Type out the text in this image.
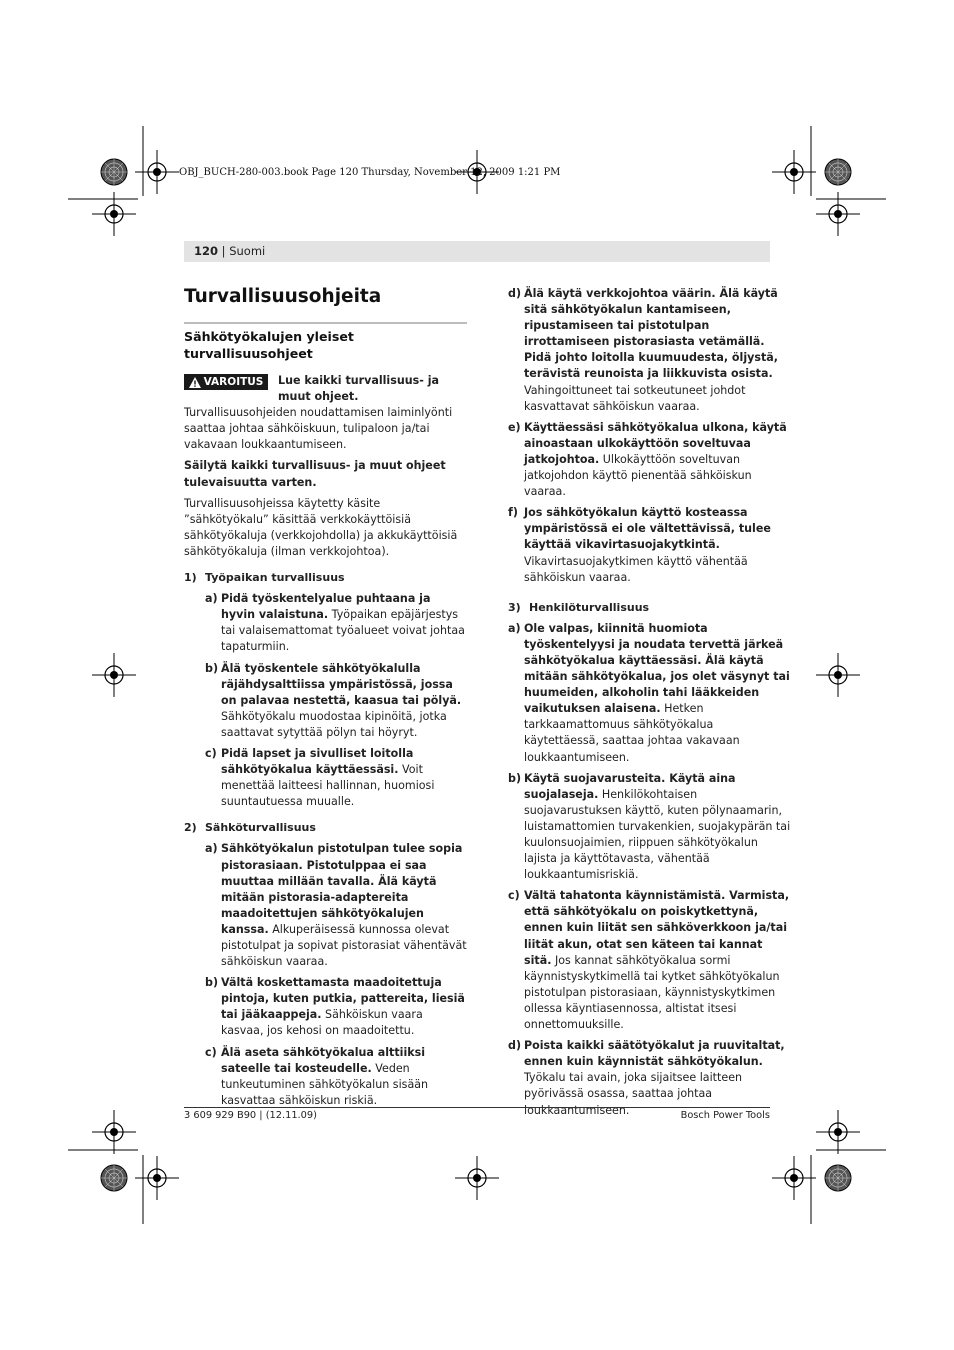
OBJ_BUCH-280-003.book Page 120 Thursday, November 12, 2009 1:21 PM
120 | Suomi
Turvallisuusohjeita
Sähkötyökalujen yleiset turvallisuusohjeet
VAROITUS	Lue kaikki turvallisuus- ja muut ohjeet. Turvallisuusohjeiden noudattamisen laiminlyönti saattaa johtaa sähköiskuun, tulipaloon ja/tai vakavaan loukkaantumiseen.

Säilytä kaikki turvallisuus- ja muut ohjeet tulevaisuutta varten.

Turvallisuusohjeissa käytetty käsite ”sähkötyökalu” käsittää verkkokäyttöisiä sähkötyökaluja (verkkojohdolla) ja akkukäyttöisiä sähkötyökaluja (ilman verkkojohtoa).

1) Työpaikan turvallisuus
a) Pidä työskentelyalue puhtaana ja hyvin valaistuna. Työpaikan epäjärjestys tai valaisemattomat työalueet voivat johtaa tapaturmiin.
b) Älä työskentele sähkötyökalulla räjähdysalttiissa ympäristössä, jossa on palavaa nestettä, kaasua tai pölyä. Sähkötyökalu muodostaa kipinöitä, jotka saattavat sytyttää pölyn tai höyryt.
c) Pidä lapset ja sivulliset loitolla sähkötyökalua käyttäessäsi. Voit menettää laitteesi hallinnan, huomiosi suuntautuessa muualle.
2) Sähköturvallisuus
a) Sähkötyökalun pistotulpan tulee sopia pistorasiaan. Pistotulppaa ei saa muuttaa millään tavalla. Älä käytä mitään pistorasia-adaptereita maadoitettujen sähkötyökalujen kanssa. Alkuperäisessä kunnossa olevat pistotulpat ja sopivat pistorasiat vähentävät sähköiskun vaaraa.
b) Vältä koskettamasta maadoitettuja pintoja, kuten putkia, pattereita, liesiä tai jääkaappeja. Sähköiskun vaara kasvaa, jos kehosi on maadoitettu.
c) Älä aseta sähkötyökalua alttiiksi sateelle tai kosteudelle. Veden tunkeutuminen sähkötyökalun sisään kasvattaa sähköiskun riskiä.
d) Älä käytä verkkojohtoa väärin. Älä käytä sitä sähkötyökalun kantamiseen, ripustamiseen tai pistotulpan irrottamiseen pistorasiasta vetämällä. Pidä johto loitolla kuumuudesta, öljystä, terävistä reunoista ja liikkuvista osista. Vahingoittuneet tai sotkeutuneet johdot kasvattavat sähköiskun vaaraa.
e) Käyttäessäsi sähkötyökalua ulkona, käytä ainoastaan ulkokäyttöön soveltuvaa jatkojohtoa. Ulkokäyttöön soveltuvan jatkojohdon käyttö pienentää sähköiskun vaaraa.
f) Jos sähkötyökalun käyttö kosteassa ympäristössä ei ole vältettävissä, tulee käyttää vikavirtasuojakytkintä. Vikavirtasuojakytkimen käyttö vähentää sähköiskun vaaraa.
3) Henkilöturvallisuus
a) Ole valpas, kiinnitä huomiota työskentelyysi ja noudata tervettä järkeä sähkötyökalua käyttäessäsi. Älä käytä mitään sähkötyökalua, jos olet väsynyt tai huumeiden, alkoholin tahi lääkkeiden vaikutuksen alaisena. Hetken tarkkaamattomuus sähkötyökalua käytettäessä, saattaa johtaa vakavaan loukkaantumiseen.
b) Käytä suojavarusteita. Käytä aina suojalaseja. Henkilökohtaisen suojavarustuksen käyttö, kuten pölynaamarin, luistamattomien turvakenkien, suojakypärän tai kuulonsuojaimien, riippuen sähkötyökalun lajista ja käyttötavasta, vähentää loukkaantumisriskiä.
c) Vältä tahatonta käynnistämistä. Varmista, että sähkötyökalu on poiskytkettynä, ennen kuin liität sen sähköverkkoon ja/tai liität akun, otat sen käteen tai kannat sitä. Jos kannat sähkötyökalua sormi käynnistyskytkimellä tai kytket sähkötyökalun pistotulpan pistorasiaan, käynnistyskytkimen ollessa käyntiasennossa, altistat itsesi onnettomuuksille.
d) Poista kaikki säätötyökalut ja ruuvitaltat, ennen kuin käynnistät sähkötyökalun. Työkalu tai avain, joka sijaitsee laitteen pyörivässä osassa, saattaa johtaa loukkaantumiseen.
3 609 929 B90 | (12.11.09)	Bosch Power Tools
